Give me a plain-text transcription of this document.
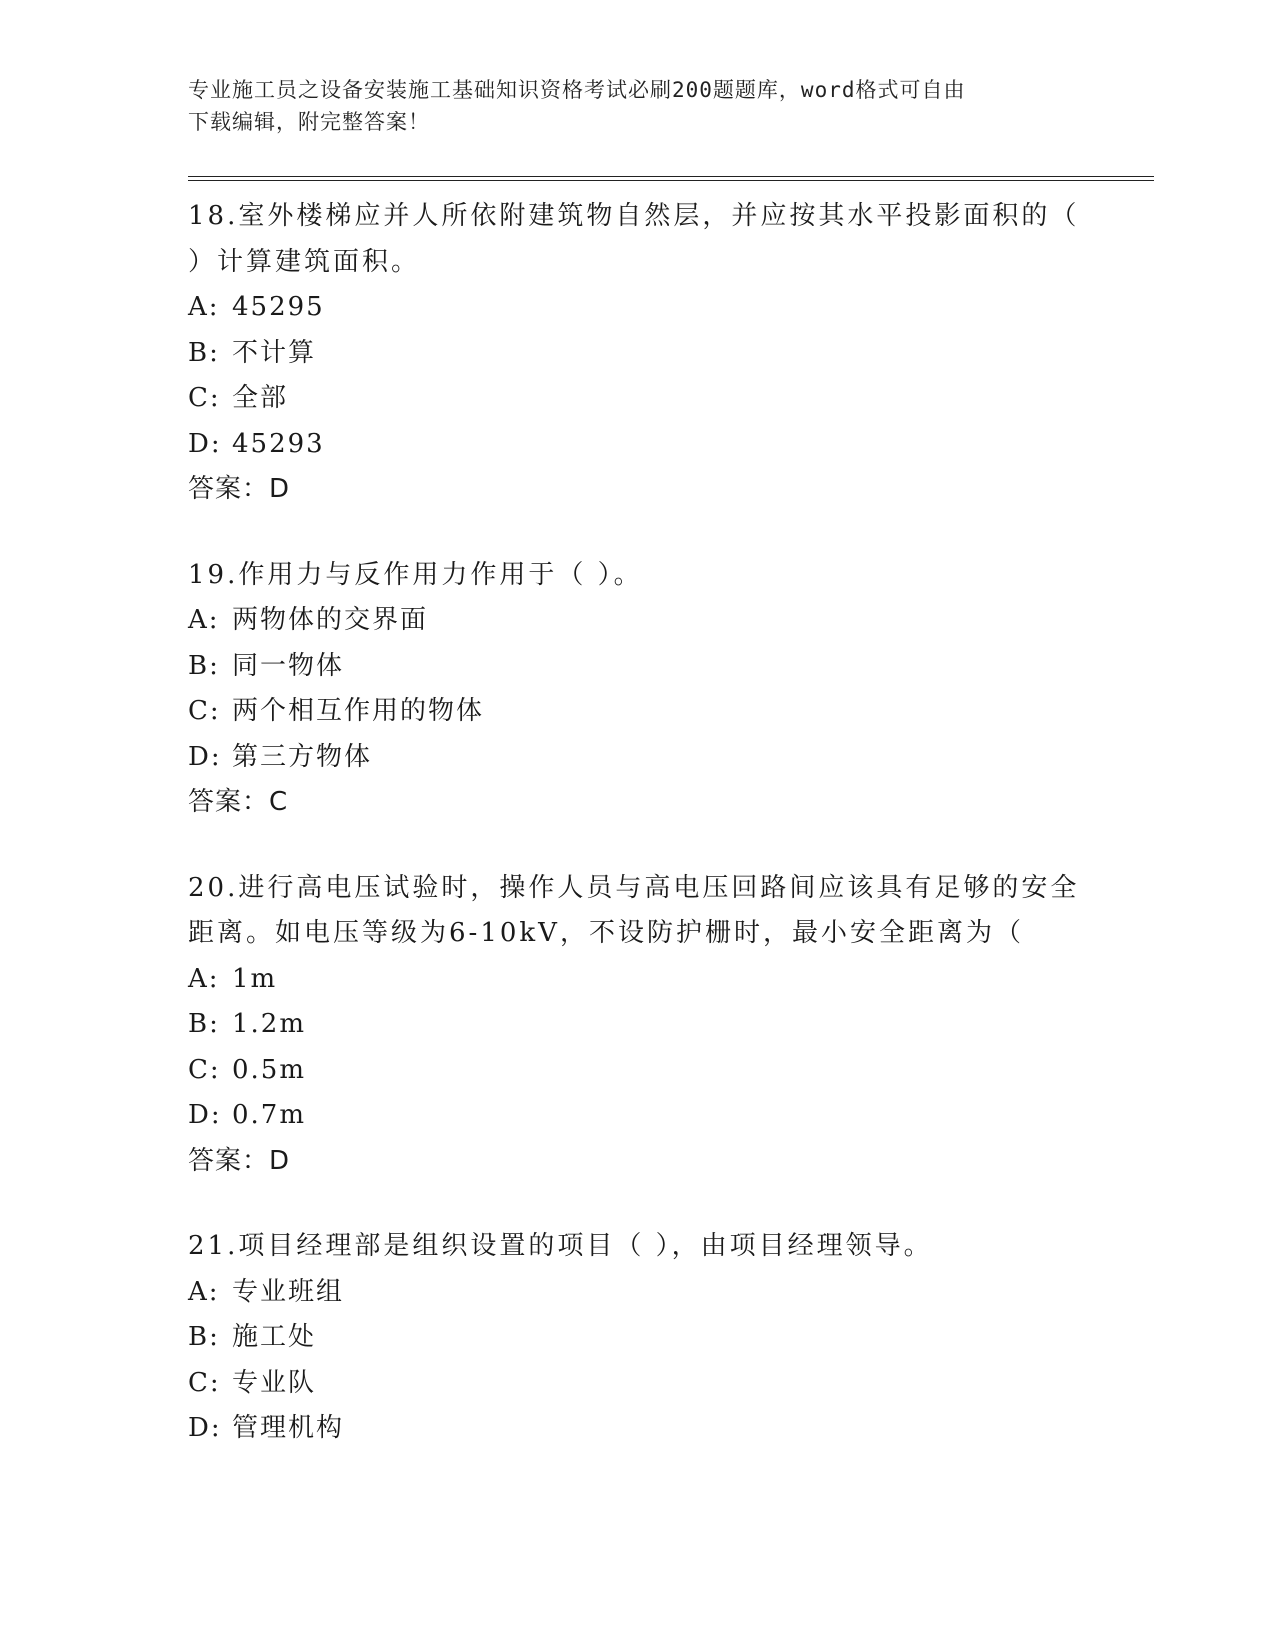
专业施工员之设备安装施工基础知识资格考试必刷200题题库，word格式可自由
下载编辑，附完整答案！

18.室外楼梯应并人所依附建筑物自然层，并应按其水平投影面积的（ ）计算建筑面积。

A: 45295

B: 不计算

C: 全部

D: 45293

答案：D

19.作用力与反作用力作用于（ ）。

A: 两物体的交界面

B: 同一物体

C: 两个相互作用的物体

D: 第三方物体

答案：C

20.进行高电压试验时，操作人员与高电压回路间应该具有足够的安全距离。如电压等级为6-10kV，不设防护栅时，最小安全距离为（

A: 1m

B: 1.2m

C: 0.5m

D: 0.7m

答案：D

21.项目经理部是组织设置的项目（ ），由项目经理领导。

A: 专业班组

B: 施工处

C: 专业队

D: 管理机构
